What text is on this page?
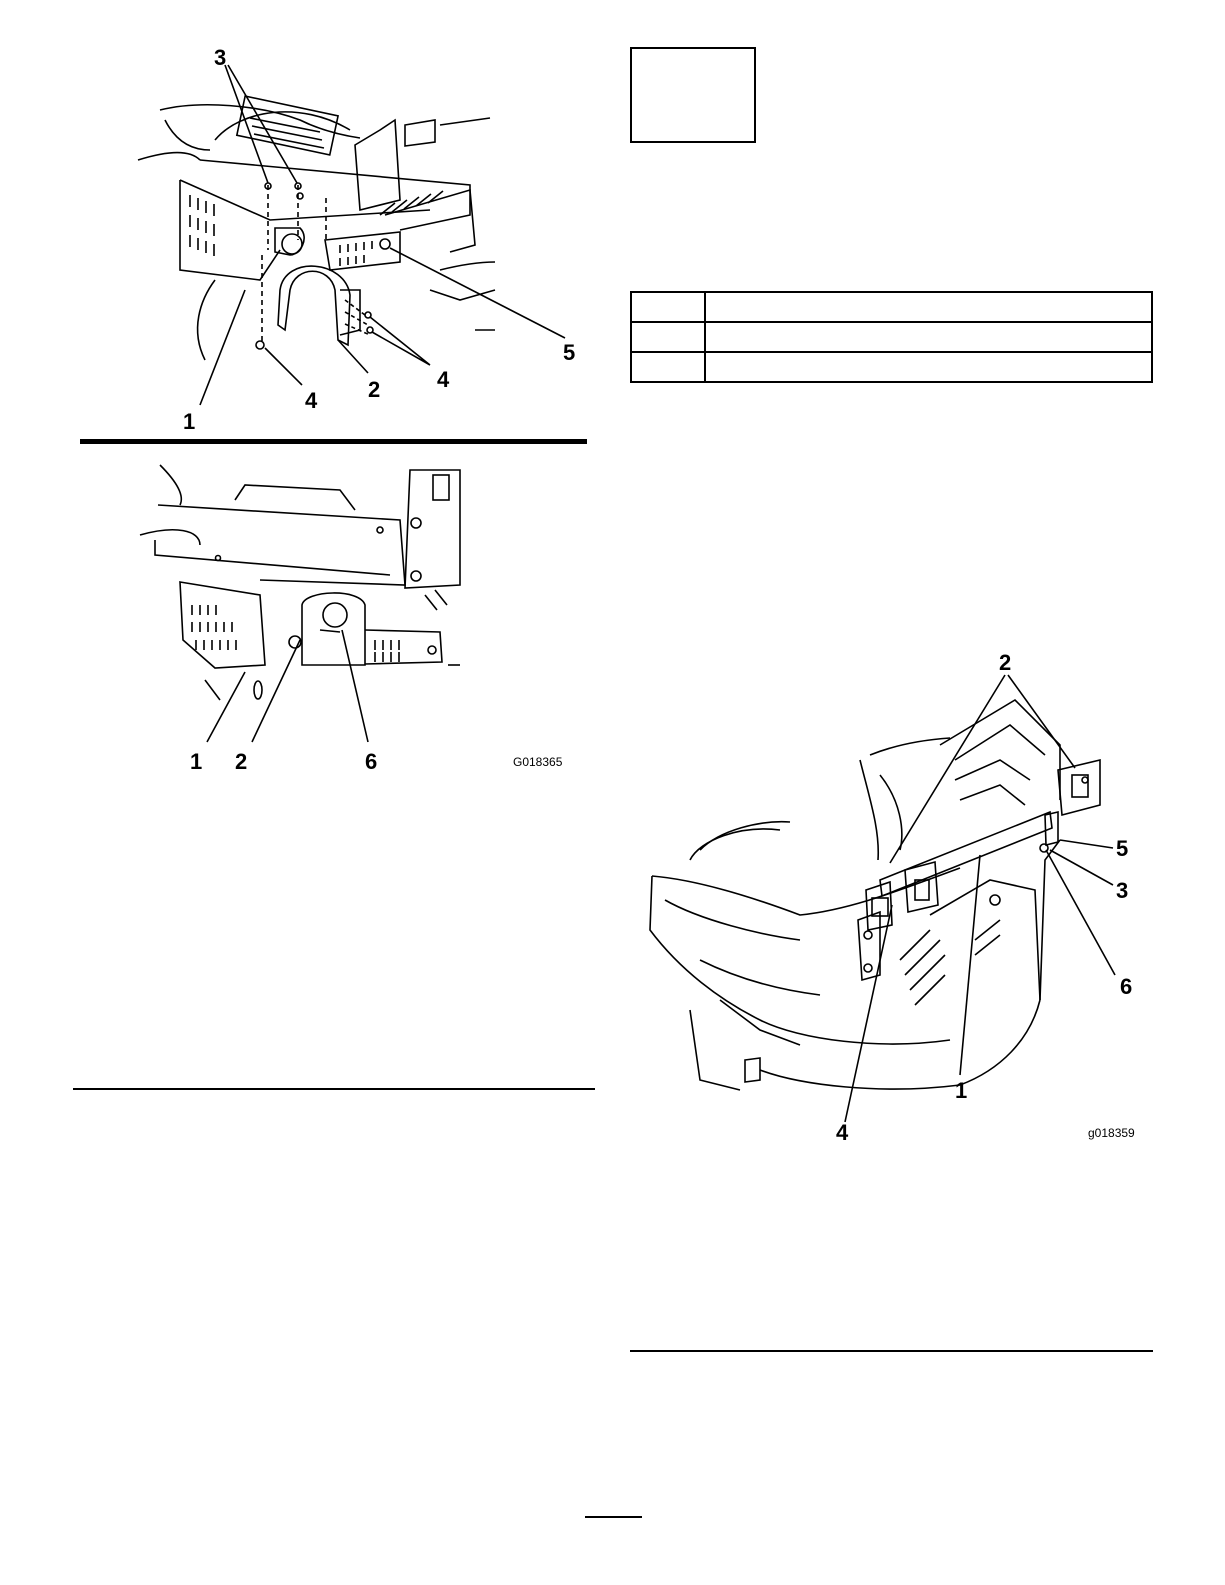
3
5
1
4 2	4
1 2	6	G018365

2
5
3
6
1
4	g018359
